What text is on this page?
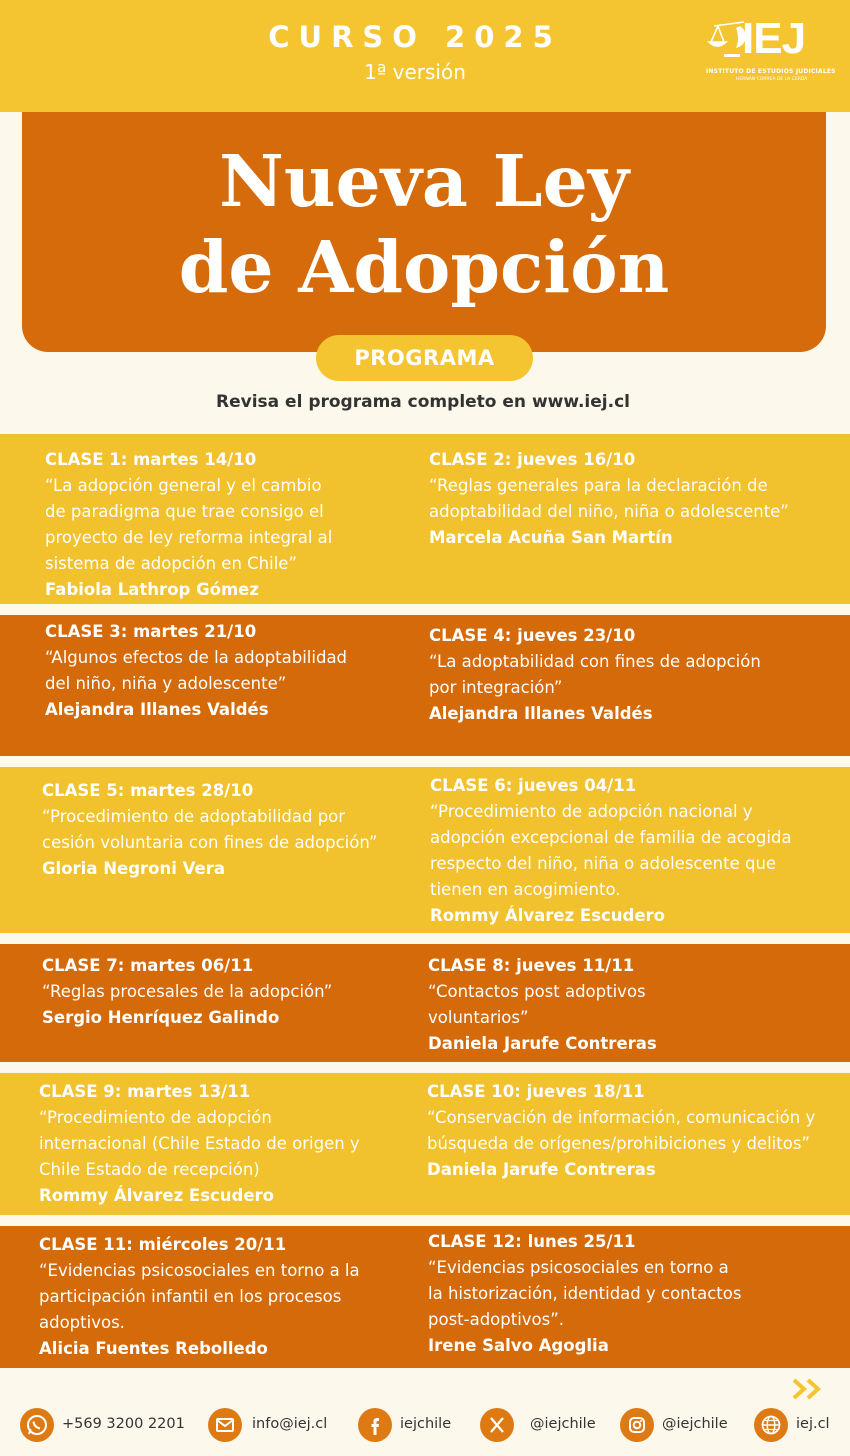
CURSO 2025
1ª versión
IEJ
INSTITUTO DE ESTUDIOS JUDICIALES
HERNÁN CORREA DE LA CERDA
Nueva Ley
de Adopción
PROGRAMA
Revisa el programa completo en www.iej.cl
CLASE 1: martes 14/10
“La adopción general y el cambio
de paradigma que trae consigo el
proyecto de ley reforma integral al
sistema de adopción en Chile”
Fabiola Lathrop Gómez
CLASE 2: jueves 16/10
“Reglas generales para la declaración de
adoptabilidad del niño, niña o adolescente”
Marcela Acuña San Martín
CLASE 3: martes 21/10
“Algunos efectos de la adoptabilidad
del niño, niña y adolescente”
Alejandra Illanes Valdés
CLASE 4: jueves 23/10
“La adoptabilidad con fines de adopción
por integración”
Alejandra Illanes Valdés
CLASE 5: martes 28/10
“Procedimiento de adoptabilidad por
cesión voluntaria con fines de adopción”
Gloria Negroni Vera
CLASE 6: jueves 04/11
“Procedimiento de adopción nacional y
adopción excepcional de familia de acogida
respecto del niño, niña o adolescente que
tienen en acogimiento.
Rommy Álvarez Escudero
CLASE 7: martes 06/11
“Reglas procesales de la adopción”
Sergio Henríquez Galindo
CLASE 8: jueves 11/11
“Contactos post adoptivos
voluntarios”
Daniela Jarufe Contreras
CLASE 9: martes 13/11
“Procedimiento de adopción
internacional (Chile Estado de origen y
Chile Estado de recepción)
Rommy Álvarez Escudero
CLASE 10: jueves 18/11
“Conservación de información, comunicación y
búsqueda de orígenes/prohibiciones y delitos”
Daniela Jarufe Contreras
CLASE 11: miércoles 20/11
“Evidencias psicosociales en torno a la
participación infantil en los procesos
adoptivos.
Alicia Fuentes Rebolledo
CLASE 12: lunes 25/11
“Evidencias psicosociales en torno a
la historización, identidad y contactos
post-adoptivos”.
Irene Salvo Agoglia
+569 3200 2201	info@iej.cl	iejchile	@iejchile	@iejchile	iej.cl
